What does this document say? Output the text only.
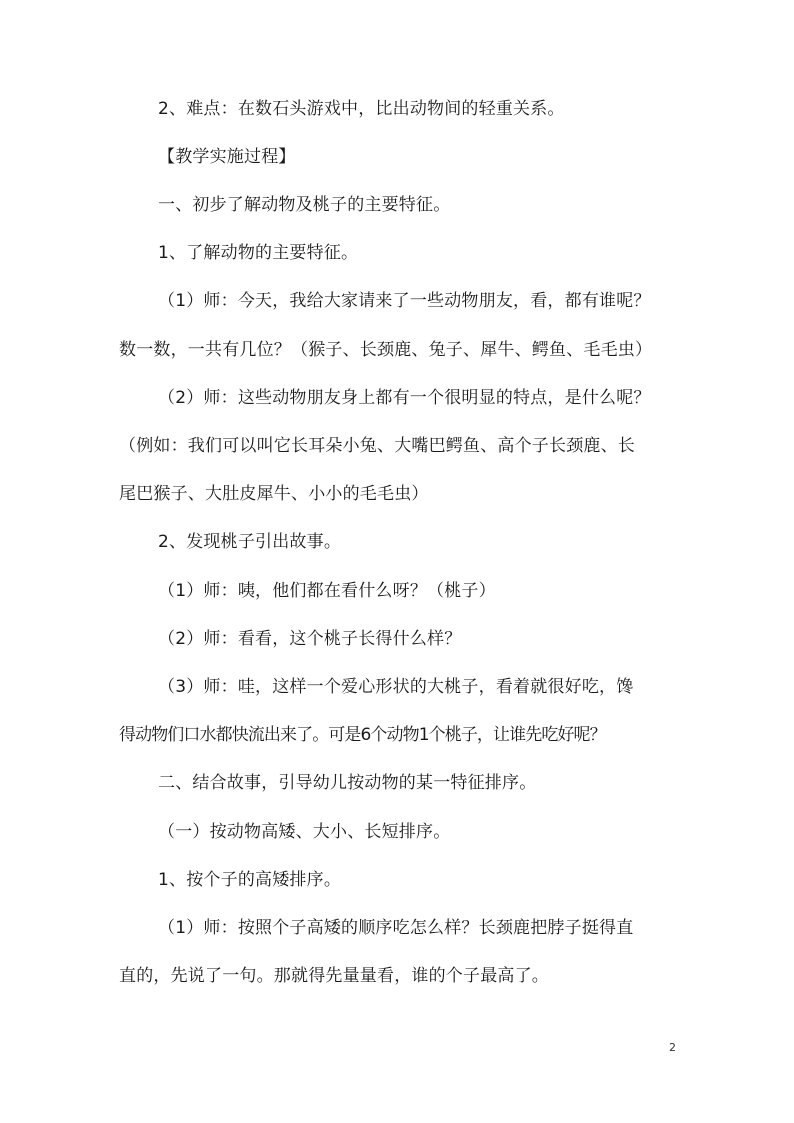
2、难点：在数石头游戏中，比出动物间的轻重关系。
【教学实施过程】
一、初步了解动物及桃子的主要特征。
1、了解动物的主要特征。
（1）师：今天，我给大家请来了一些动物朋友，看，都有谁呢？
数一数，一共有几位？（猴子、长颈鹿、兔子、犀牛、鳄鱼、毛毛虫）
（2）师：这些动物朋友身上都有一个很明显的特点，是什么呢？
（例如：我们可以叫它长耳朵小兔、大嘴巴鳄鱼、高个子长颈鹿、长
尾巴猴子、大肚皮犀牛、小小的毛毛虫）
2、发现桃子引出故事。
（1）师：咦，他们都在看什么呀？（桃子）
（2）师：看看，这个桃子长得什么样？
（3）师：哇，这样一个爱心形状的大桃子，看着就很好吃，馋
得动物们口水都快流出来了。可是6个动物1个桃子，让谁先吃好呢？
二、结合故事，引导幼儿按动物的某一特征排序。
（一）按动物高矮、大小、长短排序。
1、按个子的高矮排序。
（1）师：按照个子高矮的顺序吃怎么样？长颈鹿把脖子挺得直
直的，先说了一句。那就得先量量看，谁的个子最高了。
2
